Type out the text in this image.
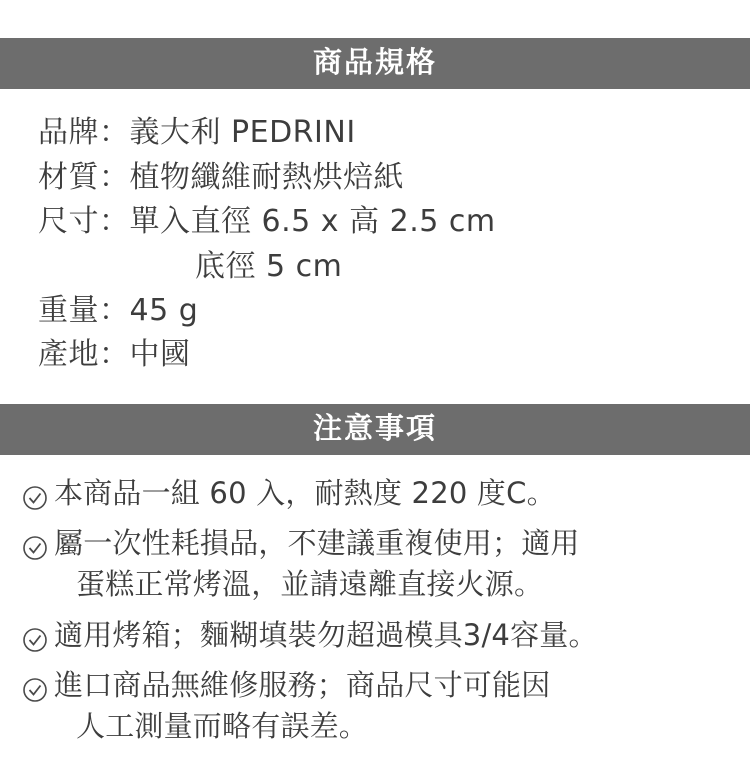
商品規格
品牌： 義大利 PEDRINI
材質： 植物纖維耐熱烘焙紙
尺寸： 單入直徑 6.5 x 高 2.5 cm
底徑 5 cm
重量： 45 g
產地： 中國
注意事項
本商品一組 60 入，耐熱度 220 度C。
屬一次性耗損品，不建議重複使用；適用
蛋糕正常烤溫，並請遠離直接火源。
適用烤箱；麵糊填裝勿超過模具3/4容量。
進口商品無維修服務；商品尺寸可能因
人工測量而略有誤差。
